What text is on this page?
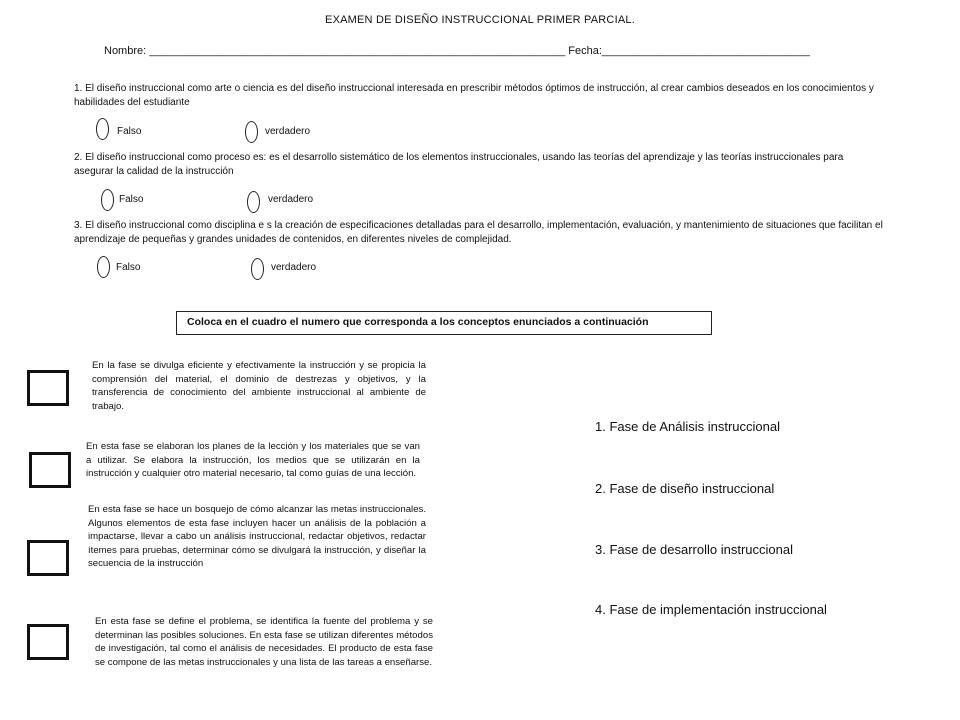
EXAMEN DE DISEÑO INSTRUCCIONAL PRIMER PARCIAL.
Nombre: ____________________________________________________________________ Fecha:__________________________________
1. El diseño instruccional como arte o ciencia es del diseño instruccional interesada en prescribir métodos óptimos de instrucción, al crear cambios deseados en los conocimientos y habilidades del estudiante
Falso	verdadero
2. El diseño instruccional como proceso es: es el desarrollo sistemático de los elementos instruccionales, usando las teorías del aprendizaje y las teorías instruccionales para asegurar la calidad de la instrucción
Falso	verdadero
3. El diseño instruccional como disciplina e s la creación de especificaciones detalladas para el desarrollo, implementación, evaluación, y mantenimiento de situaciones que facilitan el aprendizaje de pequeñas y grandes unidades de contenidos, en diferentes niveles de complejidad.
Falso	verdadero
Coloca en el cuadro el numero que corresponda a los conceptos enunciados a continuación
En la fase se divulga eficiente y efectivamente la instrucción y se propicia la comprensión del material, el dominio de destrezas y objetivos, y la transferencia de conocimiento del ambiente instruccional al ambiente de trabajo.
En esta fase se elaboran los planes de la lección y los materiales que se van a utilizar. Se elabora la instrucción, los medios que se utilizarán en la instrucción y cualquier otro material necesario, tal como guías de una lección.
En esta fase se hace un bosquejo de cómo alcanzar las metas instruccionales. Algunos elementos de esta fase incluyen hacer un análisis de la población a impactarse, llevar a cabo un análisis instruccional, redactar objetivos, redactar ítemes para pruebas, determinar cómo se divulgará la instrucción, y diseñar la secuencia de la instrucción
En esta fase se define el problema, se identifica la fuente del problema y se determinan las posibles soluciones. En esta fase se utilizan diferentes métodos de investigación, tal como el análisis de necesidades. El producto de esta fase se compone de las metas instruccionales y una lista de las tareas a enseñarse.
1. Fase de Análisis instruccional
2. Fase de diseño instruccional
3. Fase de desarrollo instruccional
4. Fase de implementación instruccional
